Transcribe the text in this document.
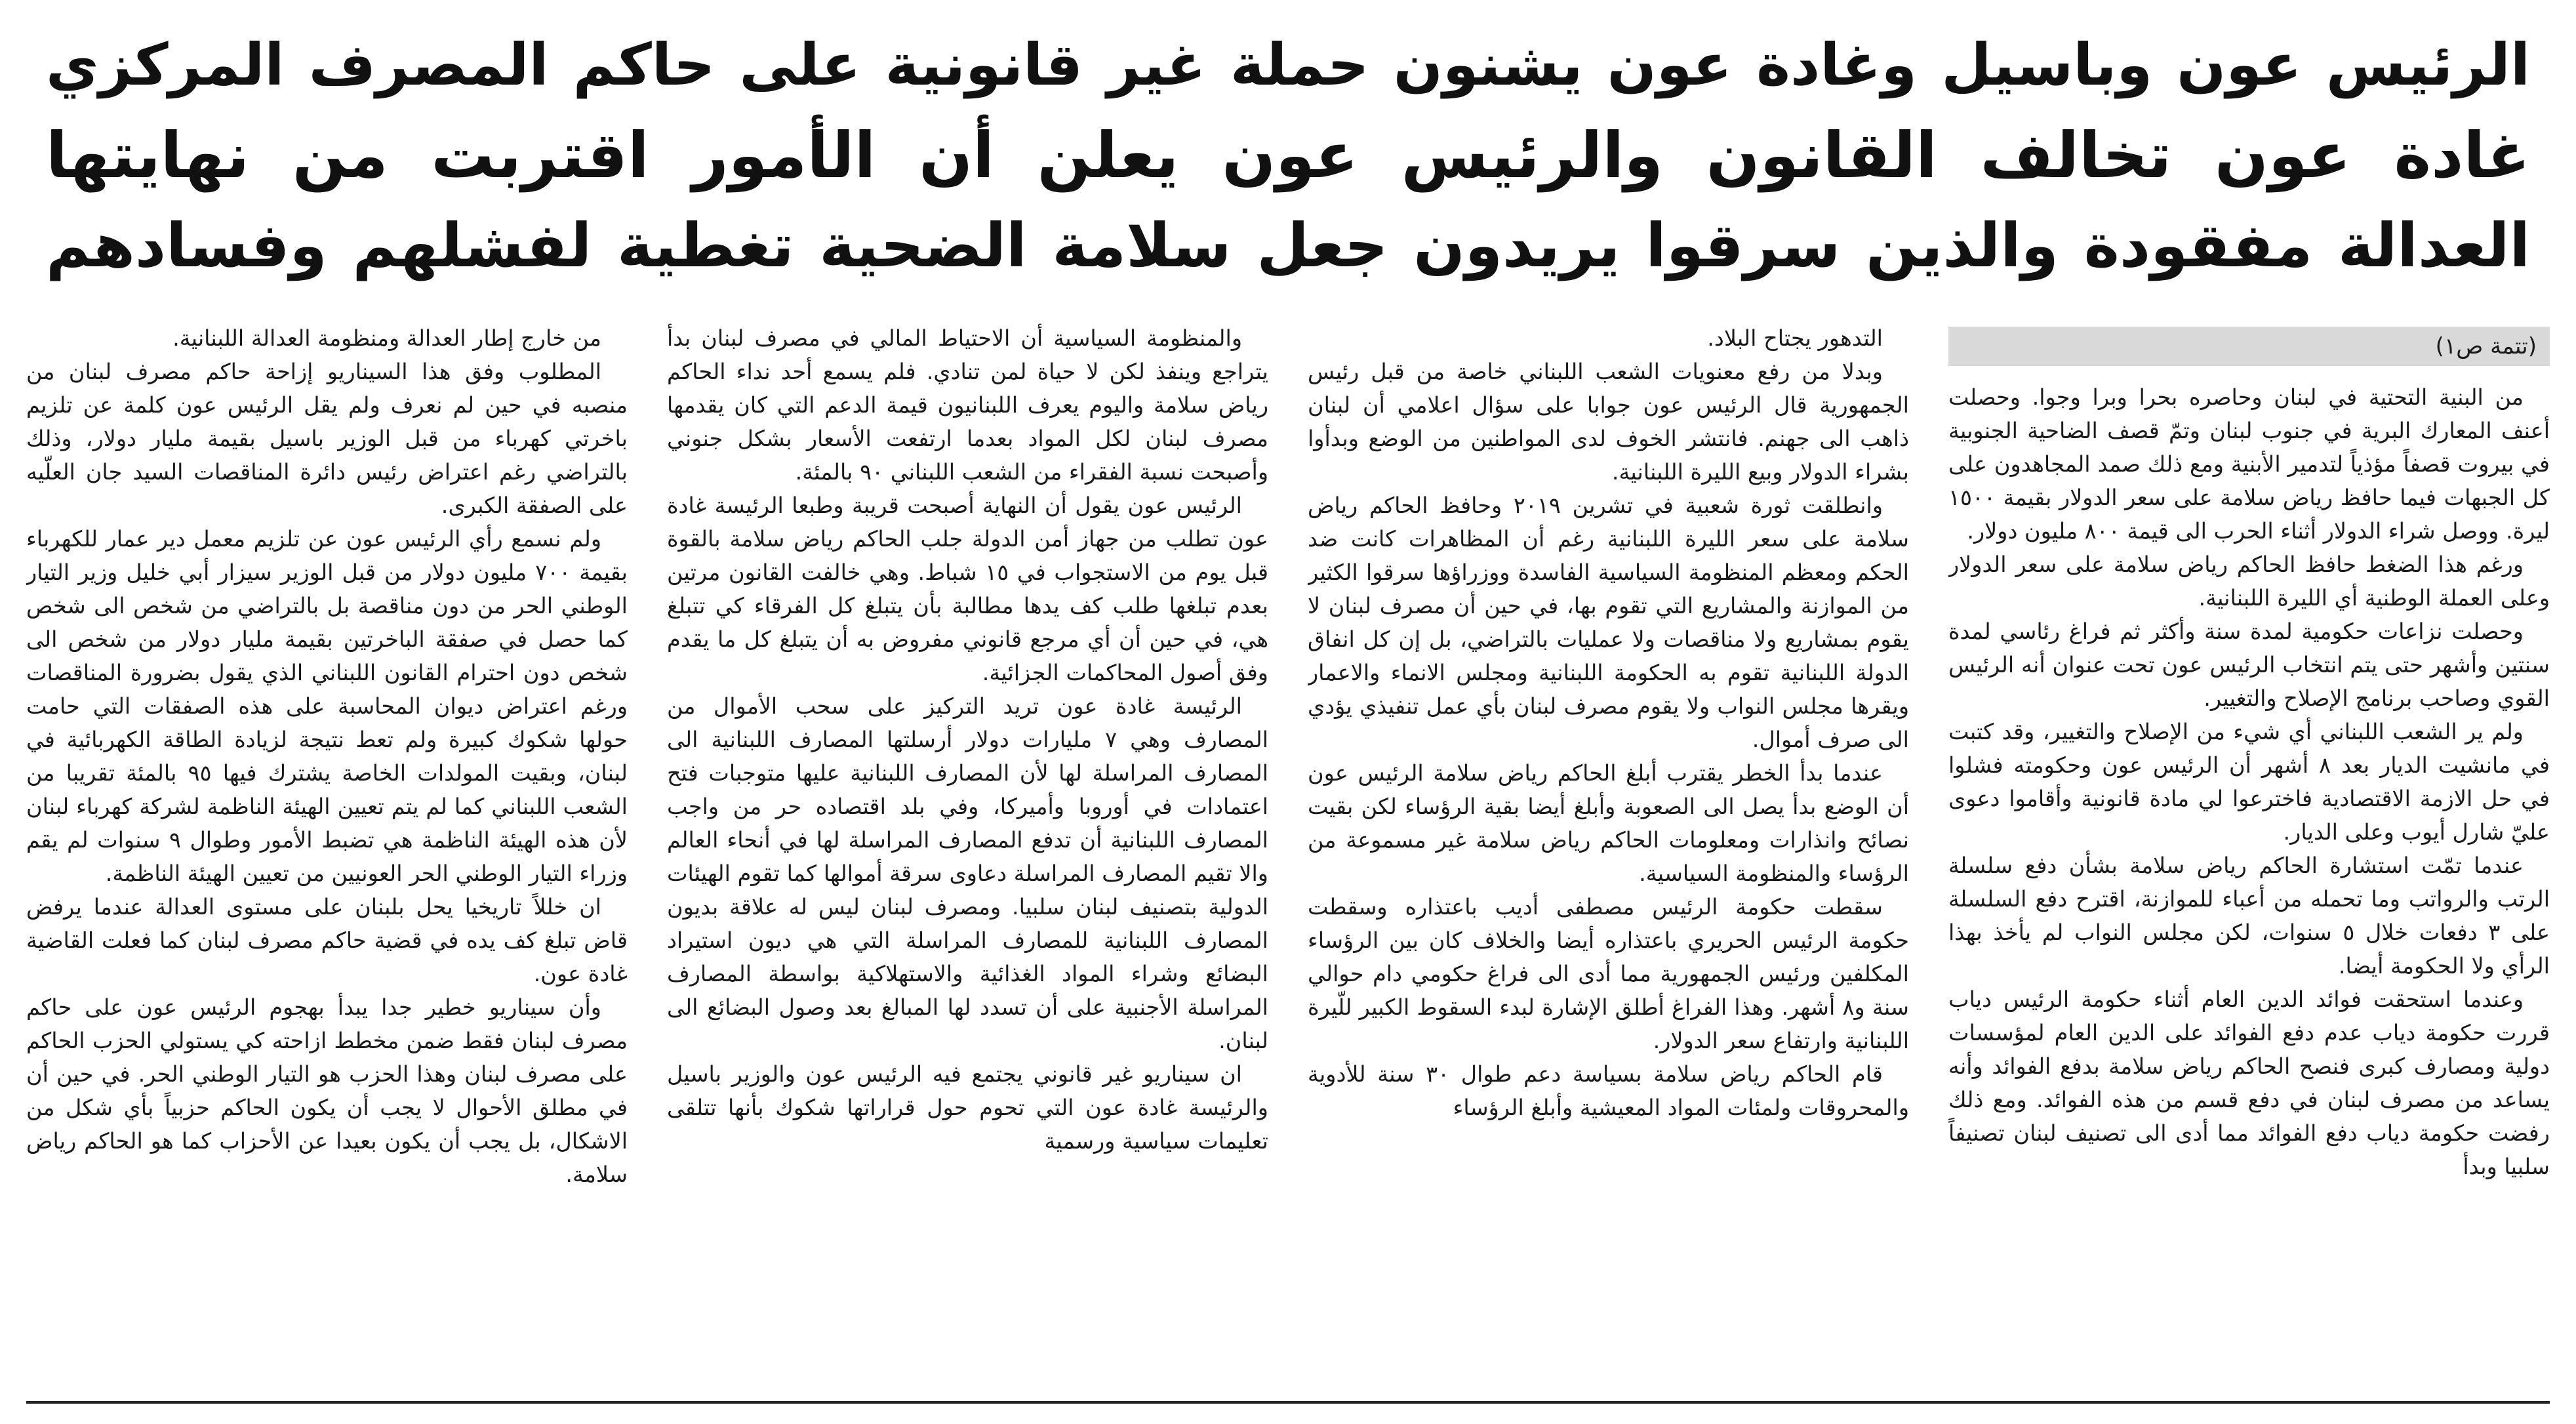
الرئيس عون وباسيل وغادة عون يشنون حملة غير قانونية على حاكم المصرف المركزي
غادة عون تخالف القانون والرئيس عون يعلن أن الأمور اقتربت من نهايتها
العدالة مفقودة والذين سرقوا يريدون جعل سلامة الضحية تغطية لفشلهم وفسادهم
(تتمة ص١)

من البنية التحتية في لبنان وحاصره بحرا وبرا وجوا. وحصلت أعنف المعارك البرية في جنوب لبنان وتمّ قصف الضاحية الجنوبية في بيروت قصفاً مؤذياً لتدمير الأبنية ومع ذلك صمد المجاهدون على كل الجبهات فيما حافظ رياض سلامة على سعر الدولار بقيمة ١٥٠٠ ليرة. ووصل شراء الدولار أثناء الحرب الى قيمة ٨٠٠ مليون دولار.

ورغم هذا الضغط حافظ الحاكم رياض سلامة على سعر الدولار وعلى العملة الوطنية أي الليرة اللبنانية.

وحصلت نزاعات حكومية لمدة سنة وأكثر ثم فراغ رئاسي لمدة سنتين وأشهر حتى يتم انتخاب الرئيس عون تحت عنوان أنه الرئيس القوي وصاحب برنامج الإصلاح والتغيير.

ولم ير الشعب اللبناني أي شيء من الإصلاح والتغيير، وقد كتبت في مانشيت الديار بعد ٨ أشهر أن الرئيس عون وحكومته فشلوا في حل الازمة الاقتصادية فاخترعوا لي مادة قانونية وأقاموا دعوى عليّ شارل أيوب وعلى الديار.

عندما تمّت استشارة الحاكم رياض سلامة بشأن دفع سلسلة الرتب والرواتب وما تحمله من أعباء للموازنة، اقترح دفع السلسلة على ٣ دفعات خلال ٥ سنوات، لكن مجلس النواب لم يأخذ بهذا الرأي ولا الحكومة أيضا.

وعندما استحقت فوائد الدين العام أثناء حكومة الرئيس دياب قررت حكومة دياب عدم دفع الفوائد على الدين العام لمؤسسات دولية ومصارف كبرى فنصح الحاكم رياض سلامة بدفع الفوائد وأنه يساعد من مصرف لبنان في دفع قسم من هذه الفوائد. ومع ذلك رفضت حكومة دياب دفع الفوائد مما أدى الى تصنيف لبنان تصنيفاً سلبيا وبدأ

التدهور يجتاح البلاد.

وبدلا من رفع معنويات الشعب اللبناني خاصة من قبل رئيس الجمهورية قال الرئيس عون جوابا على سؤال اعلامي أن لبنان ذاهب الى جهنم. فانتشر الخوف لدى المواطنين من الوضع وبدأوا بشراء الدولار وبيع الليرة اللبنانية.

وانطلقت ثورة شعبية في تشرين ٢٠١٩ وحافظ الحاكم رياض سلامة على سعر الليرة اللبنانية رغم أن المظاهرات كانت ضد الحكم ومعظم المنظومة السياسية الفاسدة ووزراؤها سرقوا الكثير من الموازنة والمشاريع التي تقوم بها، في حين أن مصرف لبنان لا يقوم بمشاريع ولا مناقصات ولا عمليات بالتراضي، بل إن كل انفاق الدولة اللبنانية تقوم به الحكومة اللبنانية ومجلس الانماء والاعمار ويقرها مجلس النواب ولا يقوم مصرف لبنان بأي عمل تنفيذي يؤدي الى صرف أموال.

عندما بدأ الخطر يقترب أبلغ الحاكم رياض سلامة الرئيس عون أن الوضع بدأ يصل الى الصعوبة وأبلغ أيضا بقية الرؤساء لكن بقيت نصائح وانذارات ومعلومات الحاكم رياض سلامة غير مسموعة من الرؤساء والمنظومة السياسية.

سقطت حكومة الرئيس مصطفى أديب باعتذاره وسقطت حكومة الرئيس الحريري باعتذاره أيضا والخلاف كان بين الرؤساء المكلفين ورئيس الجمهورية مما أدى الى فراغ حكومي دام حوالي سنة و٨ أشهر. وهذا الفراغ أطلق الإشارة لبدء السقوط الكبير للّيرة اللبنانية وارتفاع سعر الدولار.

قام الحاكم رياض سلامة بسياسة دعم طوال ٣٠ سنة للأدوية والمحروقات ولمئات المواد المعيشية وأبلغ الرؤساء

والمنظومة السياسية أن الاحتياط المالي في مصرف لبنان بدأ يتراجع وينفذ لكن لا حياة لمن تنادي. فلم يسمع أحد نداء الحاكم رياض سلامة واليوم يعرف اللبنانيون قيمة الدعم التي كان يقدمها مصرف لبنان لكل المواد بعدما ارتفعت الأسعار بشكل جنوني وأصبحت نسبة الفقراء من الشعب اللبناني ٩٠ بالمئة.

الرئيس عون يقول أن النهاية أصبحت قريبة وطبعا الرئيسة غادة عون تطلب من جهاز أمن الدولة جلب الحاكم رياض سلامة بالقوة قبل يوم من الاستجواب في ١٥ شباط. وهي خالفت القانون مرتين بعدم تبلغها طلب كف يدها مطالبة بأن يتبلغ كل الفرقاء كي تتبلغ هي، في حين أن أي مرجع قانوني مفروض به أن يتبلغ كل ما يقدم وفق أصول المحاكمات الجزائية.

الرئيسة غادة عون تريد التركيز على سحب الأموال من المصارف وهي ٧ مليارات دولار أرسلتها المصارف اللبنانية الى المصارف المراسلة لها لأن المصارف اللبنانية عليها متوجبات فتح اعتمادات في أوروبا وأميركا، وفي بلد اقتصاده حر من واجب المصارف اللبنانية أن تدفع المصارف المراسلة لها في أنحاء العالم والا تقيم المصارف المراسلة دعاوى سرقة أموالها كما تقوم الهيئات الدولية بتصنيف لبنان سلبيا. ومصرف لبنان ليس له علاقة بديون المصارف اللبنانية للمصارف المراسلة التي هي ديون استيراد البضائع وشراء المواد الغذائية والاستهلاكية بواسطة المصارف المراسلة الأجنبية على أن تسدد لها المبالغ بعد وصول البضائع الى لبنان.

ان سيناريو غير قانوني يجتمع فيه الرئيس عون والوزير باسيل والرئيسة غادة عون التي تحوم حول قراراتها شكوك بأنها تتلقى تعليمات سياسية ورسمية

من خارج إطار العدالة ومنظومة العدالة اللبنانية.

المطلوب وفق هذا السيناريو إزاحة حاكم مصرف لبنان من منصبه في حين لم نعرف ولم يقل الرئيس عون كلمة عن تلزيم باخرتي كهرباء من قبل الوزير باسيل بقيمة مليار دولار، وذلك بالتراضي رغم اعتراض رئيس دائرة المناقصات السيد جان العلّيه على الصفقة الكبرى.

ولم نسمع رأي الرئيس عون عن تلزيم معمل دير عمار للكهرباء بقيمة ٧٠٠ مليون دولار من قبل الوزير سيزار أبي خليل وزير التيار الوطني الحر من دون مناقصة بل بالتراضي من شخص الى شخص كما حصل في صفقة الباخرتين بقيمة مليار دولار من شخص الى شخص دون احترام القانون اللبناني الذي يقول بضرورة المناقصات ورغم اعتراض ديوان المحاسبة على هذه الصفقات التي حامت حولها شكوك كبيرة ولم تعط نتيجة لزيادة الطاقة الكهربائية في لبنان، وبقيت المولدات الخاصة يشترك فيها ٩٥ بالمئة تقريبا من الشعب اللبناني كما لم يتم تعيين الهيئة الناظمة لشركة كهرباء لبنان لأن هذه الهيئة الناظمة هي تضبط الأمور وطوال ٩ سنوات لم يقم وزراء التيار الوطني الحر العونيين من تعيين الهيئة الناظمة.

ان خللاً تاريخيا يحل بلبنان على مستوى العدالة عندما يرفض قاض تبلغ كف يده في قضية حاكم مصرف لبنان كما فعلت القاضية غادة عون.

وأن سيناريو خطير جدا يبدأ بهجوم الرئيس عون على حاكم مصرف لبنان فقط ضمن مخطط ازاحته كي يستولي الحزب الحاكم على مصرف لبنان وهذا الحزب هو التيار الوطني الحر. في حين أن في مطلق الأحوال لا يجب أن يكون الحاكم حزبياً بأي شكل من الاشكال، بل يجب أن يكون بعيدا عن الأحزاب كما هو الحاكم رياض سلامة.
